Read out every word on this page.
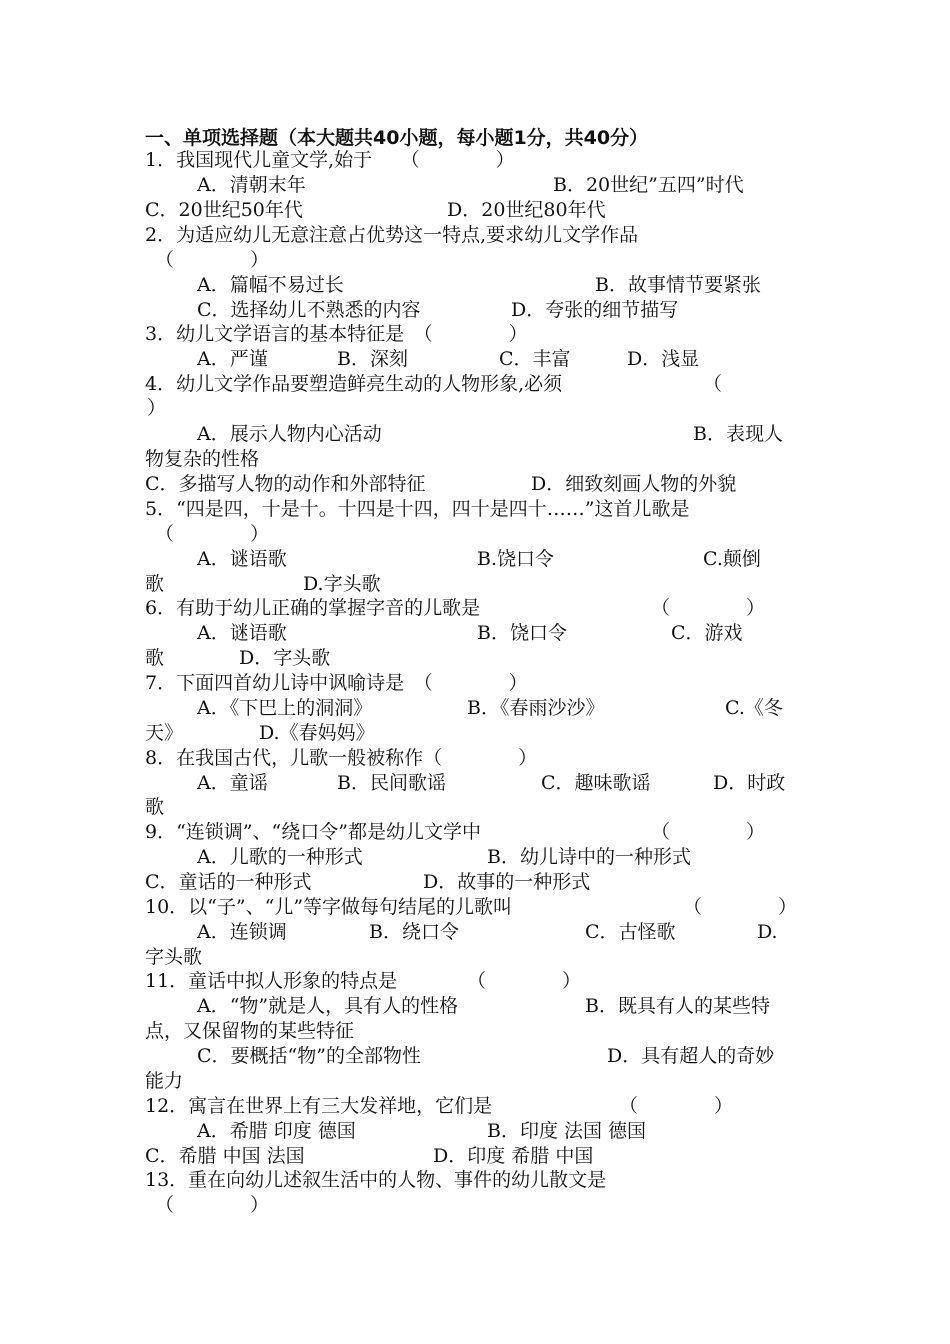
一、单项选择题（本大题共40小题，每小题1分，共40分）
1．我国现代儿童文学,始于　　（　　　　）
A．清朝末年	B．20世纪”五四”时代
C．20世纪50年代	D．20世纪80年代
2．为适应幼儿无意注意占优势这一特点,要求幼儿文学作品
（　　　　）
A．篇幅不易过长	B．故事情节要紧张
C．选择幼儿不熟悉的内容	D．夸张的细节描写
3．幼儿文学语言的基本特征是　（　　　　）
A．严谨	B．深刻	C．丰富	D．浅显
4．幼儿文学作品要塑造鲜亮生动的人物形象,必须	（
）
A．展示人物内心活动	B．表现人
物复杂的性格
C．多描写人物的动作和外部特征	D．细致刻画人物的外貌
5．“四是四，十是十。十四是十四，四十是四十……”这首儿歌是
（　　　　）
A．谜语歌	B.饶口令	C.颠倒
歌	D.字头歌
6．有助于幼儿正确的掌握字音的儿歌是	（　　　　）
A．谜语歌	B．饶口令	C．游戏
歌	D．字头歌
7．下面四首幼儿诗中讽喻诗是　（　　　　）
A．《下巴上的洞洞》	B．《春雨沙沙》	C.《冬
天》	D.《春妈妈》
8．在我国古代，儿歌一般被称作（　　　　）
A．童谣	B．民间歌谣	C．趣味歌谣	D．时政
歌
9．“连锁调”、“绕口令”都是幼儿文学中	（　　　　）
A．儿歌的一种形式	B．幼儿诗中的一种形式
C．童话的一种形式	D．故事的一种形式
10．以“子”、“儿”等字做每句结尾的儿歌叫	（　　　　）
A．连锁调	B．绕口令	C．古怪歌	D.
字头歌
11．童话中拟人形象的特点是	（　　　　）
A．“物”就是人，具有人的性格	B．既具有人的某些特
点，又保留物的某些特征
C．要概括“物”的全部物性	D．具有超人的奇妙
能力
12．寓言在世界上有三大发祥地，它们是	（　　　　）
A．希腊 印度 德国	B．印度 法国 德国
C．希腊 中国 法国	D．印度 希腊 中国
13．重在向幼儿述叙生活中的人物、事件的幼儿散文是
（　　　　）
